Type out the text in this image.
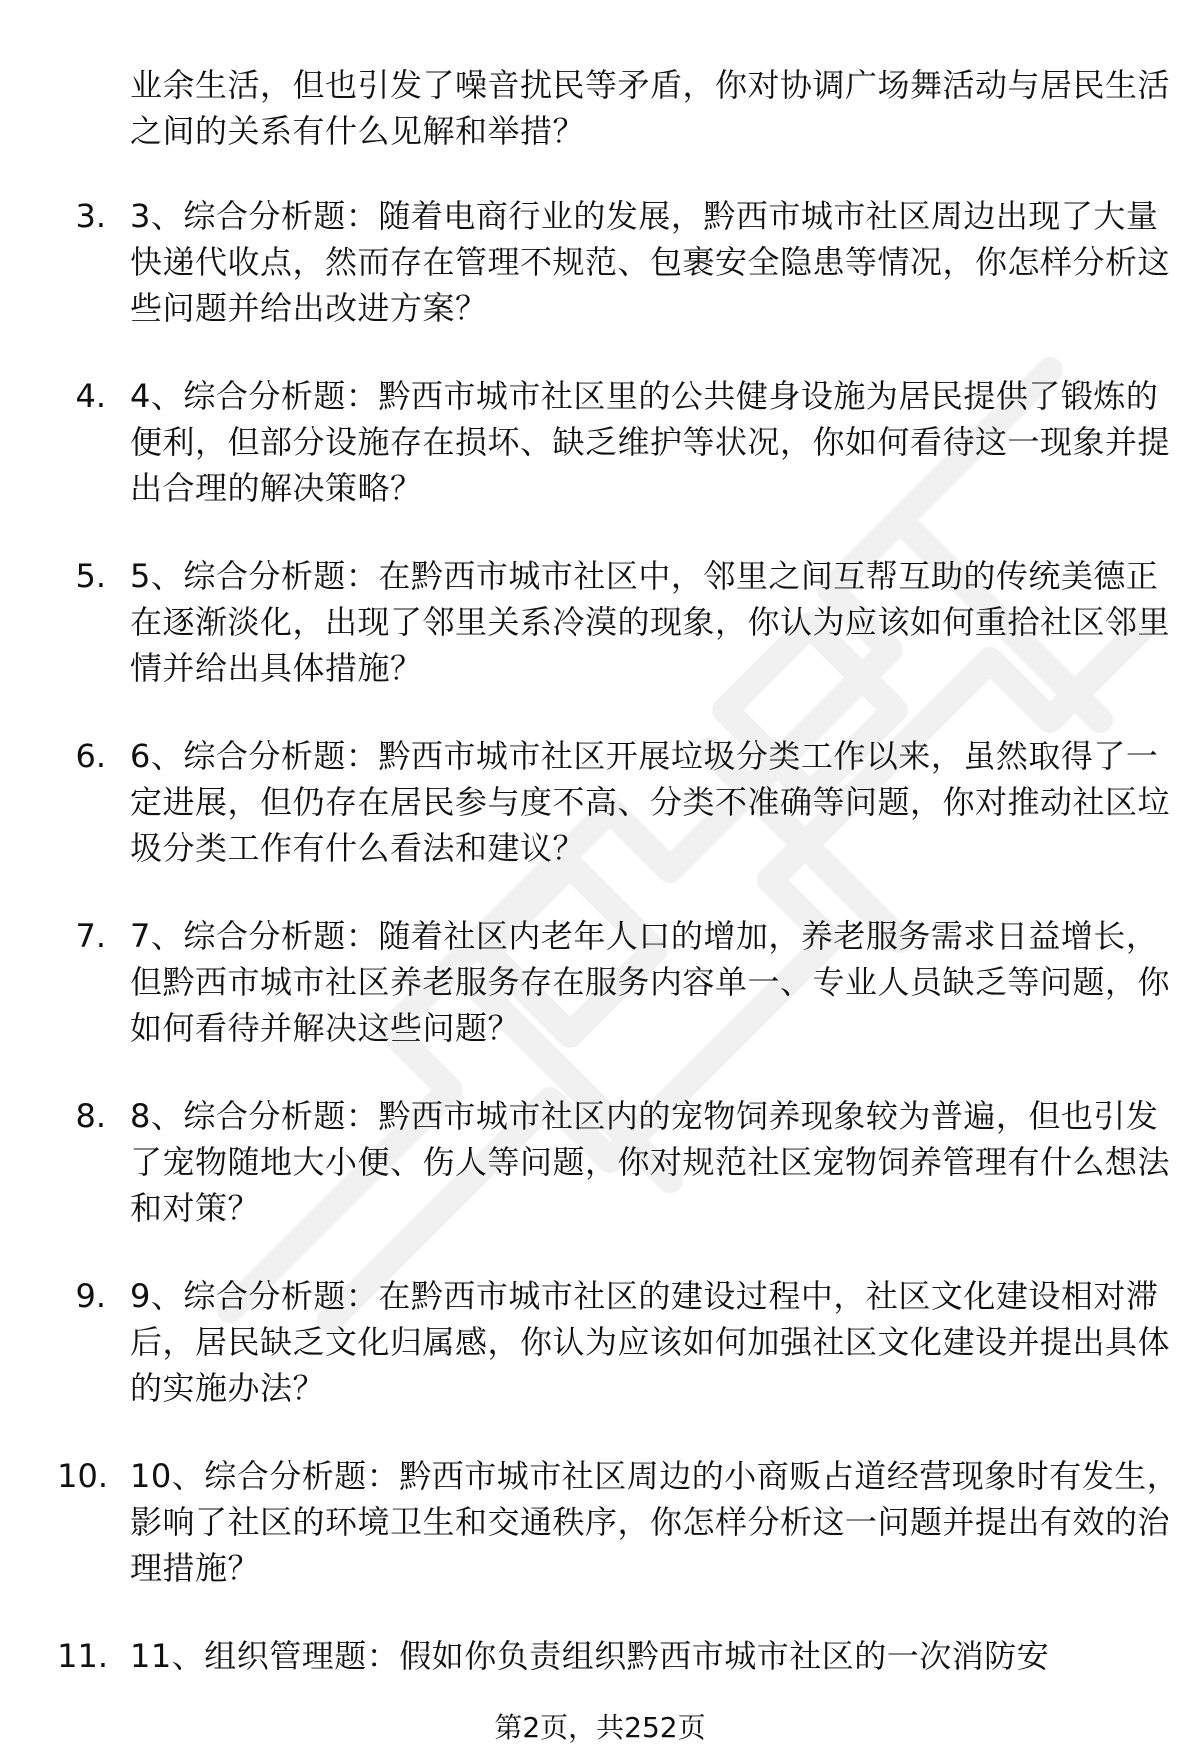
业余生活，但也引发了噪音扰民等矛盾，你对协调广场舞活动与居民生活之间的关系有什么见解和举措？
3. 3、综合分析题：随着电商行业的发展，黔西市城市社区周边出现了大量快递代收点，然而存在管理不规范、包裹安全隐患等情况，你怎样分析这些问题并给出改进方案？
4. 4、综合分析题：黔西市城市社区里的公共健身设施为居民提供了锻炼的便利，但部分设施存在损坏、缺乏维护等状况，你如何看待这一现象并提出合理的解决策略？
5. 5、综合分析题：在黔西市城市社区中，邻里之间互帮互助的传统美德正在逐渐淡化，出现了邻里关系冷漠的现象，你认为应该如何重拾社区邻里情并给出具体措施？
6. 6、综合分析题：黔西市城市社区开展垃圾分类工作以来，虽然取得了一定进展，但仍存在居民参与度不高、分类不准确等问题，你对推动社区垃圾分类工作有什么看法和建议？
7. 7、综合分析题：随着社区内老年人口的增加，养老服务需求日益增长，但黔西市城市社区养老服务存在服务内容单一、专业人员缺乏等问题，你如何看待并解决这些问题？
8. 8、综合分析题：黔西市城市社区内的宠物饲养现象较为普遍，但也引发了宠物随地大小便、伤人等问题，你对规范社区宠物饲养管理有什么想法和对策？
9. 9、综合分析题：在黔西市城市社区的建设过程中，社区文化建设相对滞后，居民缺乏文化归属感，你认为应该如何加强社区文化建设并提出具体的实施办法？
10. 10、综合分析题：黔西市城市社区周边的小商贩占道经营现象时有发生，影响了社区的环境卫生和交通秩序，你怎样分析这一问题并提出有效的治理措施？
11. 11、组织管理题：假如你负责组织黔西市城市社区的一次消防安
第2页，共252页
